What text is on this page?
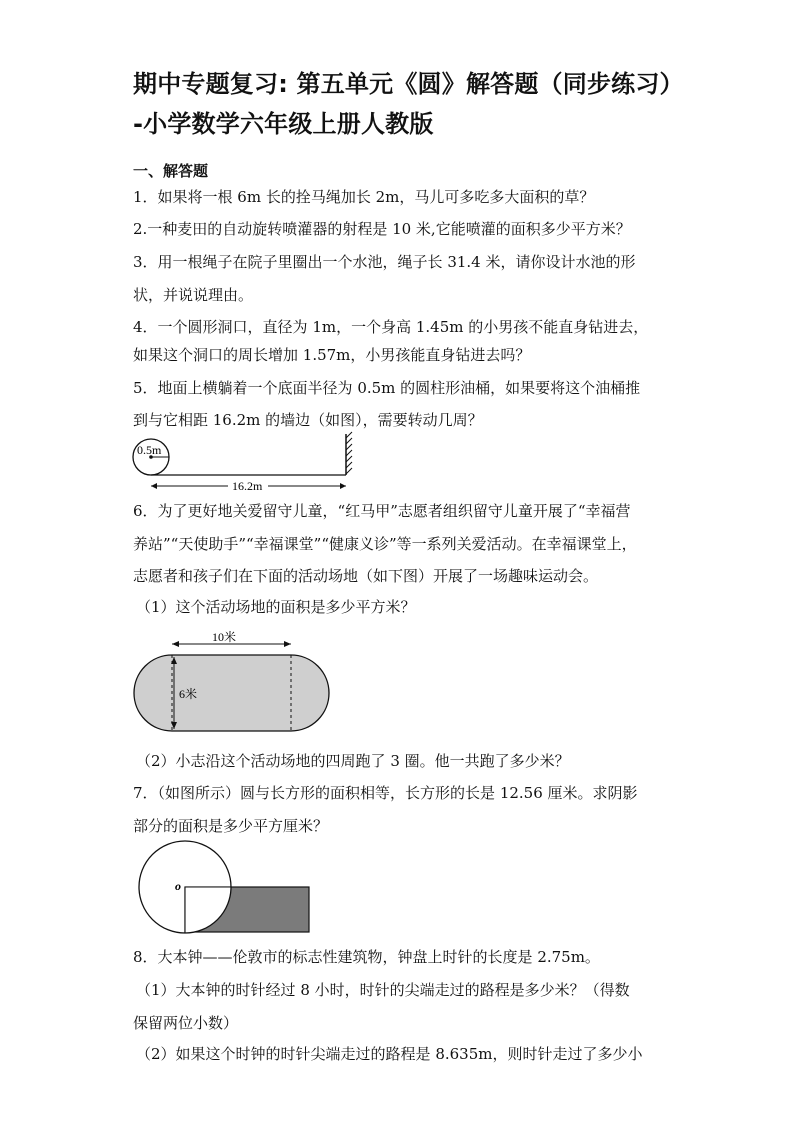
期中专题复习: 第五单元《圆》解答题（同步练习）
-小学数学六年级上册人教版
一、解答题
1．如果将一根 6m 长的拴马绳加长 2m，马儿可多吃多大面积的草？
2.一种麦田的自动旋转喷灌器的射程是 10 米,它能喷灌的面积多少平方米？
3．用一根绳子在院子里圈出一个水池，绳子长 31.4 米，请你设计水池的形
状，并说说理由。
4．一个圆形洞口，直径为 1m，一个身高 1.45m 的小男孩不能直身钻进去，
如果这个洞口的周长增加 1.57m，小男孩能直身钻进去吗？
5．地面上横躺着一个底面半径为 0.5m 的圆柱形油桶，如果要将这个油桶推
到与它相距 16.2m 的墙边（如图），需要转动几周？
0.5m
16.2m
6．为了更好地关爱留守儿童，“红马甲”志愿者组织留守儿童开展了“幸福营
养站”“天使助手”“幸福课堂”“健康义诊”等一系列关爱活动。在幸福课堂上，
志愿者和孩子们在下面的活动场地（如下图）开展了一场趣味运动会。
（1）这个活动场地的面积是多少平方米？
10米
6米
（2）小志沿这个活动场地的四周跑了 3 圈。他一共跑了多少米？
7．（如图所示）圆与长方形的面积相等，长方形的长是 12.56 厘米。求阴影
部分的面积是多少平方厘米？
o
8．大本钟——伦敦市的标志性建筑物，钟盘上时针的长度是 2.75m。
（1）大本钟的时针经过 8 小时，时针的尖端走过的路程是多少米？（得数
保留两位小数）
（2）如果这个时钟的时针尖端走过的路程是 8.635m，则时针走过了多少小
